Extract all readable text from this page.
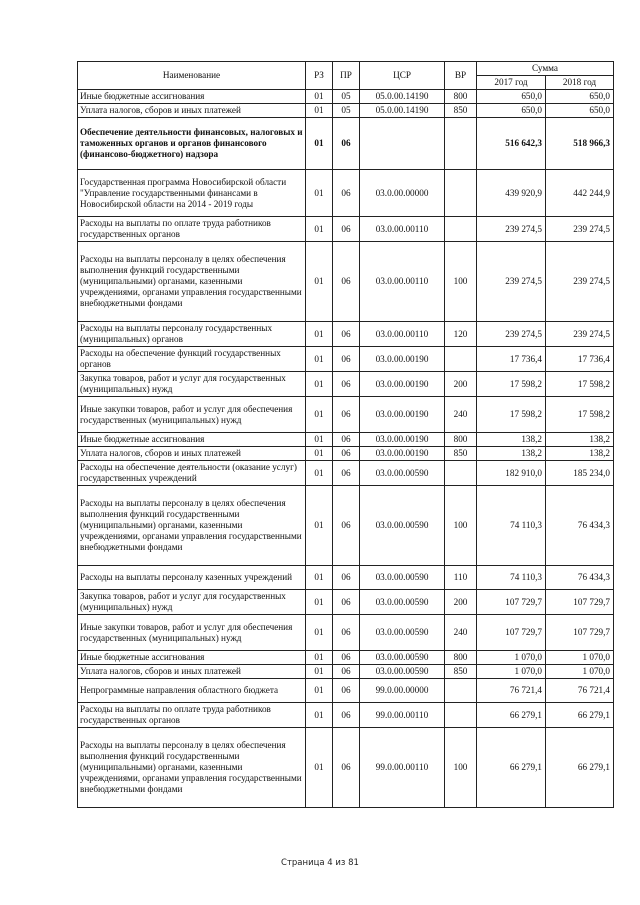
Наименование	РЗ	ПР	ЦСР	ВР	Сумма	
					2017 год	2018 год
Иные бюджетные ассигнования	01	05	05.0.00.14190	800	650,0	650,0
Уплата налогов, сборов и иных платежей	01	05	05.0.00.14190	850	650,0	650,0
Обеспечение деятельности финансовых, налоговых и таможенных органов и органов финансового (финансово-бюджетного) надзора	01	06			516 642,3	518 966,3
Государственная программа Новосибирской области "Управление государственными финансами в Новосибирской области на 2014 - 2019 годы	01	06	03.0.00.00000		439 920,9	442 244,9
Расходы на выплаты по оплате труда работников государственных органов	01	06	03.0.00.00110		239 274,5	239 274,5
Расходы на выплаты персоналу в целях обеспечения выполнения функций государственными (муниципальными) органами, казенными учреждениями, органами управления государственными внебюджетными фондами	01	06	03.0.00.00110	100	239 274,5	239 274,5
Расходы на выплаты персоналу государственных (муниципальных) органов	01	06	03.0.00.00110	120	239 274,5	239 274,5
Расходы на обеспечение функций государственных органов	01	06	03.0.00.00190		17 736,4	17 736,4
Закупка товаров, работ и услуг для государственных (муниципальных) нужд	01	06	03.0.00.00190	200	17 598,2	17 598,2
Иные закупки товаров, работ и услуг для обеспечения государственных (муниципальных) нужд	01	06	03.0.00.00190	240	17 598,2	17 598,2
Иные бюджетные ассигнования	01	06	03.0.00.00190	800	138,2	138,2
Уплата налогов, сборов и иных платежей	01	06	03.0.00.00190	850	138,2	138,2
Расходы на обеспечение деятельности (оказание услуг) государственных учреждений	01	06	03.0.00.00590		182 910,0	185 234,0
Расходы на выплаты персоналу в целях обеспечения выполнения функций государственными (муниципальными) органами, казенными учреждениями, органами управления государственными внебюджетными фондами	01	06	03.0.00.00590	100	74 110,3	76 434,3
Расходы на выплаты персоналу казенных учреждений	01	06	03.0.00.00590	110	74 110,3	76 434,3
Закупка товаров, работ и услуг для государственных (муниципальных) нужд	01	06	03.0.00.00590	200	107 729,7	107 729,7
Иные закупки товаров, работ и услуг для обеспечения государственных (муниципальных) нужд	01	06	03.0.00.00590	240	107 729,7	107 729,7
Иные бюджетные ассигнования	01	06	03.0.00.00590	800	1 070,0	1 070,0
Уплата налогов, сборов и иных платежей	01	06	03.0.00.00590	850	1 070,0	1 070,0
Непрограммные направления областного бюджета	01	06	99.0.00.00000		76 721,4	76 721,4
Расходы на выплаты по оплате труда работников государственных органов	01	06	99.0.00.00110		66 279,1	66 279,1
Расходы на выплаты персоналу в целях обеспечения выполнения функций государственными (муниципальными) органами, казенными учреждениями, органами управления государственными внебюджетными фондами	01	06	99.0.00.00110	100	66 279,1	66 279,1
Страница 4 из 81
